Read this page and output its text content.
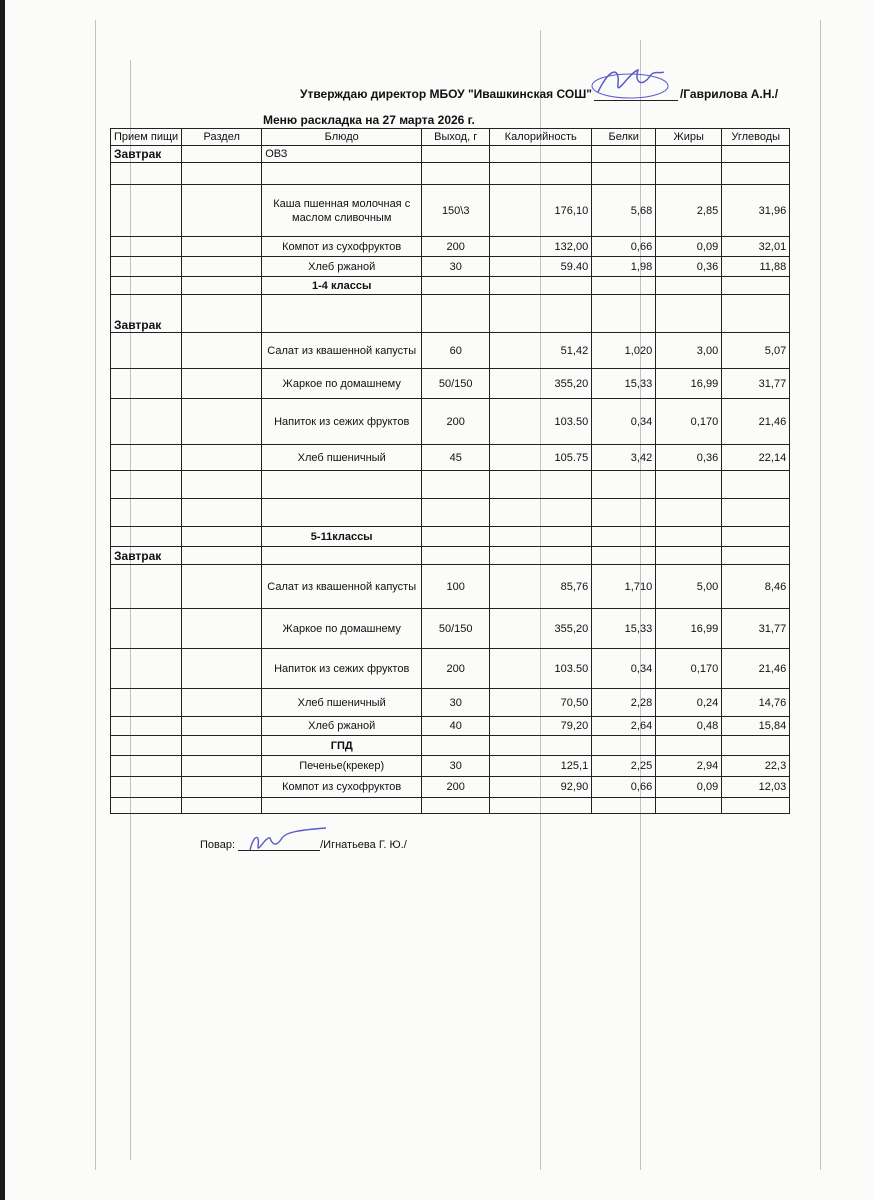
Утверждаю директор МБОУ "Ивашкинская СОШ"	/Гаврилова А.Н./
Меню раскладка на 27 марта 2026 г.
Прием пищи	Раздел	Блюдо	Выход, г	Калорийность	Белки	Жиры	Углеводы
Завтрак		ОВЗ					

		Каша пшенная молочная с маслом сливочным	150\3	176,10	5,68	2,85	31,96
		Компот из сухофруктов	200	132,00	0,66	0,09	32,01
		Хлеб ржаной	30	59.40	1,98	0,36	11,88
		1-4 классы					
Завтрак							
		Салат из квашенной капусты	60	51,42	1,020	3,00	5,07
		Жаркое по домашнему	50/150	355,20	15,33	16,99	31,77
		Напиток из сежих фруктов	200	103.50	0,34	0,170	21,46
		Хлеб пшеничный	45	105.75	3,42	0,36	22,14

		5-11классы					
Завтрак							
		Салат из квашенной капусты	100	85,76	1,710	5,00	8,46
		Жаркое по домашнему	50/150	355,20	15,33	16,99	31,77
		Напиток из сежих фруктов	200	103.50	0,34	0,170	21,46
		Хлеб пшеничный	30	70,50	2,28	0,24	14,76
		Хлеб ржаной	40	79,20	2,64	0,48	15,84
		ГПД					
		Печенье(крекер)	30	125,1	2,25	2,94	22,3
		Компот из сухофруктов	200	92,90	0,66	0,09	12,03

Повар:	/Игнатьева Г. Ю./
